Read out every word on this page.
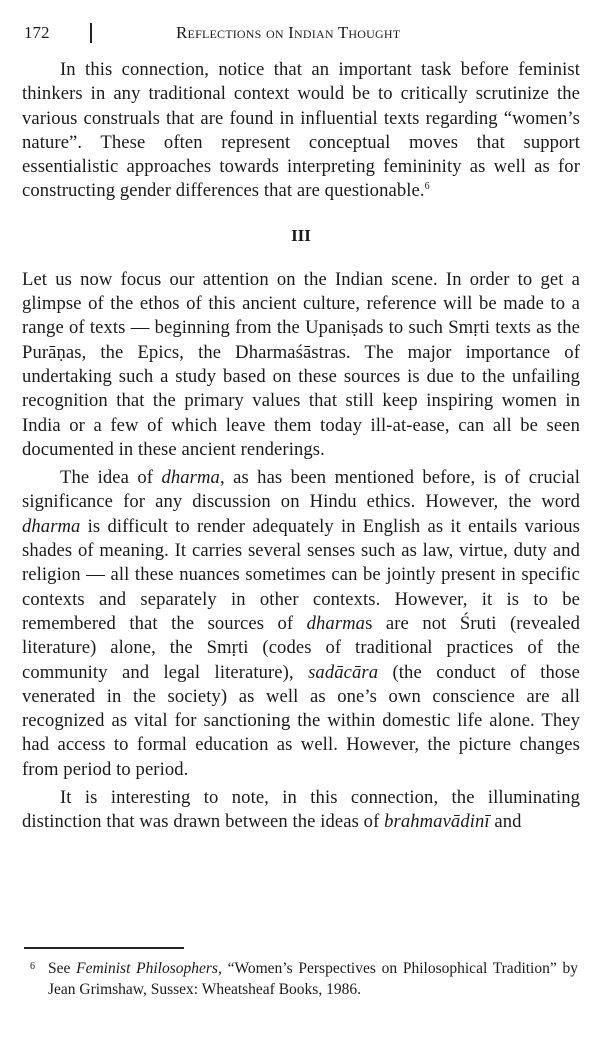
172	Reflections on Indian Thought

In this connection, notice that an important task before feminist thinkers in any traditional context would be to critically scrutinize the various construals that are found in influential texts regarding “women’s nature”. These often represent conceptual moves that support essentialistic approaches towards interpreting femininity as well as for constructing gender differences that are questionable.$^6$

III

Let us now focus our attention on the Indian scene. In order to get a glimpse of the ethos of this ancient culture, reference will be made to a range of texts — beginning from the Upaniṣads to such Smṛti texts as the Purāṇas, the Epics, the Dharmaśāstras. The major importance of undertaking such a study based on these sources is due to the unfailing recognition that the primary values that still keep inspiring women in India or a few of which leave them today ill-at-ease, can all be seen documented in these ancient renderings.

The idea of dharma, as has been mentioned before, is of crucial significance for any discussion on Hindu ethics. However, the word dharma is difficult to render adequately in English as it entails various shades of meaning. It carries several senses such as law, virtue, duty and religion — all these nuances sometimes can be jointly present in specific contexts and separately in other contexts. However, it is to be remembered that the sources of dharmas are not Śruti (revealed literature) alone, the Smṛti (codes of traditional practices of the community and legal literature), sadācāra (the conduct of those venerated in the society) as well as one’s own conscience are all recognized as vital for sanctioning the within domestic life alone. They had access to formal education as well. However, the picture changes from period to period.

It is interesting to note, in this connection, the illuminating distinction that was drawn between the ideas of brahmavādinī and

6 See Feminist Philosophers, “Women’s Perspectives on Philosophical Tradition” by Jean Grimshaw, Sussex: Wheatsheaf Books, 1986.
